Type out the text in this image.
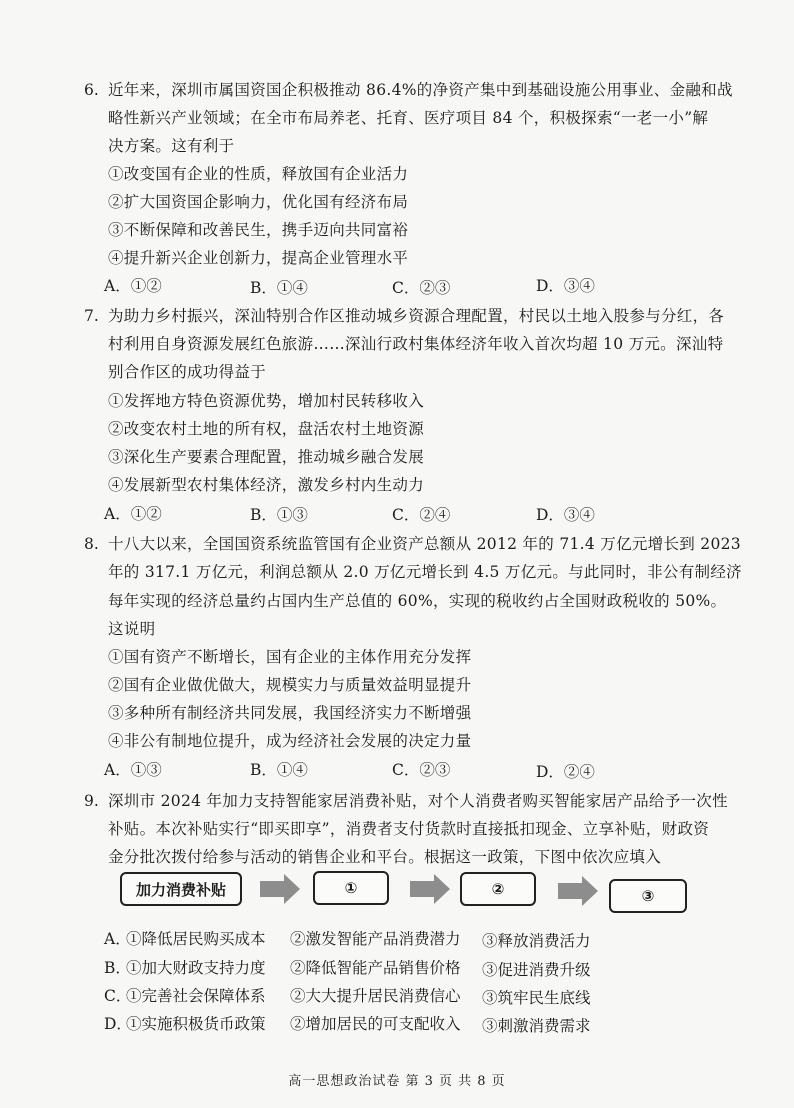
6. 近年来，深圳市属国资国企积极推动 86.4%的净资产集中到基础设施公用事业、金融和战
略性新兴产业领域；在全市布局养老、托育、医疗项目 84 个，积极探索“一老一小”解
决方案。这有利于
①改变国有企业的性质，释放国有企业活力
②扩大国资国企影响力，优化国有经济布局
③不断保障和改善民生，携手迈向共同富裕
④提升新兴企业创新力，提高企业管理水平
A．①②	B．①④	C．②③	D．③④
7. 为助力乡村振兴，深汕特别合作区推动城乡资源合理配置，村民以土地入股参与分红，各
村利用自身资源发展红色旅游……深汕行政村集体经济年收入首次均超 10 万元。深汕特
别合作区的成功得益于
①发挥地方特色资源优势，增加村民转移收入
②改变农村土地的所有权，盘活农村土地资源
③深化生产要素合理配置，推动城乡融合发展
④发展新型农村集体经济，激发乡村内生动力
A．①②	B．①③	C．②④	D．③④
8. 十八大以来，全国国资系统监管国有企业资产总额从 2012 年的 71.4 万亿元增长到 2023
年的 317.1 万亿元，利润总额从 2.0 万亿元增长到 4.5 万亿元。与此同时，非公有制经济
每年实现的经济总量约占国内生产总值的 60%，实现的税收约占全国财政税收的 50%。
这说明
①国有资产不断增长，国有企业的主体作用充分发挥
②国有企业做优做大，规模实力与质量效益明显提升
③多种所有制经济共同发展，我国经济实力不断增强
④非公有制地位提升，成为经济社会发展的决定力量
A．①③	B．①④	C．②③	D．②④
9. 深圳市 2024 年加力支持智能家居消费补贴，对个人消费者购买智能家居产品给予一次性
补贴。本次补贴实行“即买即享”，消费者支付货款时直接抵扣现金、立享补贴，财政资
金分批次拨付给参与活动的销售企业和平台。根据这一政策，下图中依次应填入
加力消费补贴	①	②	③
A．
①降低居民购买成本 ②激发智能产品消费潜力 ③释放消费活力
B．
①加大财政支持力度 ②降低智能产品销售价格 ③促进消费升级
C．
①完善社会保障体系 ②大大提升居民消费信心 ③筑牢民生底线
D．
①实施积极货币政策 ②增加居民的可支配收入 ③刺激消费需求
高一思想政治试卷 第 3 页 共 8 页
